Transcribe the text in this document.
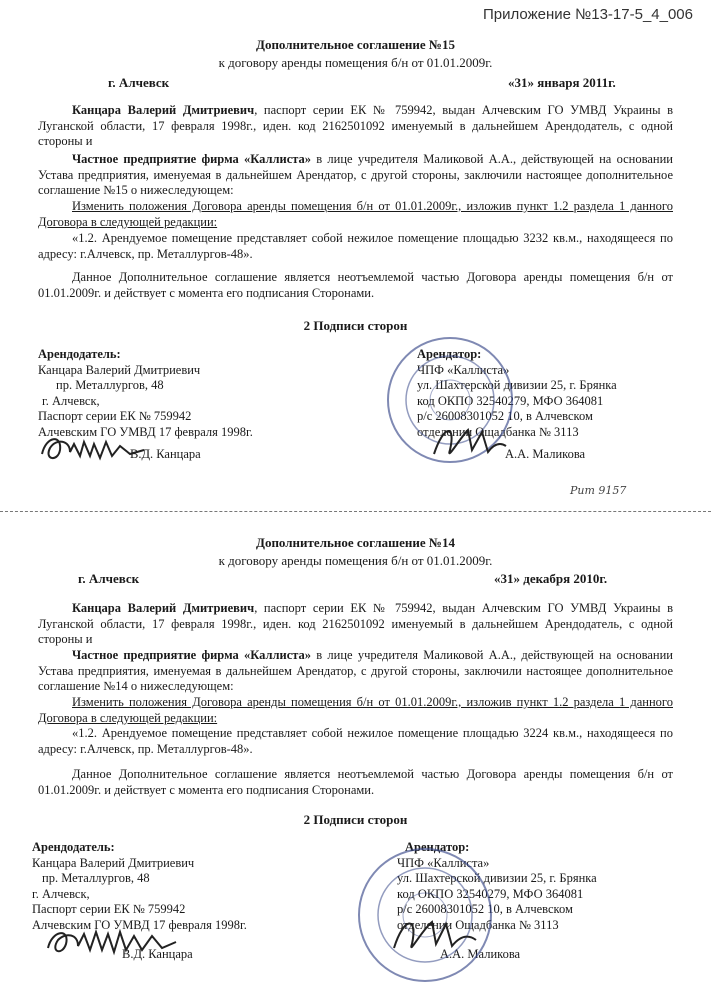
Приложение №13-17-5_4_006
Дополнительное соглашение №15
к договору аренды помещения б/н от 01.01.2009г.
г. Алчевск	«31» января 2011г.
Канцара Валерий Дмитриевич, паспорт серии ЕК № 759942, выдан Алчевским ГО УМВД Украины в Луганской области, 17 февраля 1998г., иден. код 2162501092 именуемый в дальнейшем Арендодатель, с одной стороны и
Частное предприятие фирма «Каллиста» в лице учредителя Маликовой А.А., действующей на основании Устава предприятия, именуемая в дальнейшем Арендатор, с другой стороны, заключили настоящее дополнительное соглашение №15 о нижеследующем:
Изменить положения Договора аренды помещения б/н от 01.01.2009г., изложив пункт 1.2 раздела 1 данного Договора в следующей редакции:
«1.2. Арендуемое помещение представляет собой нежилое помещение площадью 3232 кв.м., находящееся по адресу: г.Алчевск, пр. Металлургов-48».
Данное Дополнительное соглашение является неотъемлемой частью Договора аренды помещения б/н от 01.01.2009г. и действует с момента его подписания Сторонами.
2 Подписи сторон
Арендодатель:
Канцара Валерий Дмитриевич
пр. Металлургов, 48
г. Алчевск,
Паспорт серии ЕК № 759942
Алчевским ГО УМВД 17 февраля 1998г.
В.Д. Канцара
Арендатор:
ЧПФ «Каллиста»
ул. Шахтерской дивизии 25, г. Брянка
код ОКПО 32540279, МФО 364081
р/с 26008301052 10, в Алчевском
отделении Ощадбанка № 3113
А.А. Маликова
Рит 9157
Дополнительное соглашение №14
к договору аренды помещения б/н от 01.01.2009г.
г. Алчевск	«31» декабря 2010г.
Канцара Валерий Дмитриевич, паспорт серии ЕК № 759942, выдан Алчевским ГО УМВД Украины в Луганской области, 17 февраля 1998г., иден. код 2162501092 именуемый в дальнейшем Арендодатель, с одной стороны и
Частное предприятие фирма «Каллиста» в лице учредителя Маликовой А.А., действующей на основании Устава предприятия, именуемая в дальнейшем Арендатор, с другой стороны, заключили настоящее дополнительное соглашение №14 о нижеследующем:
Изменить положения Договора аренды помещения б/н от 01.01.2009г., изложив пункт 1.2 раздела 1 данного Договора в следующей редакции:
«1.2. Арендуемое помещение представляет собой нежилое помещение площадью 3224 кв.м., находящееся по адресу: г.Алчевск, пр. Металлургов-48».
Данное Дополнительное соглашение является неотъемлемой частью Договора аренды помещения б/н от 01.01.2009г. и действует с момента его подписания Сторонами.
2 Подписи сторон
Арендодатель:
Канцара Валерий Дмитриевич
пр. Металлургов, 48
г. Алчевск,
Паспорт серии ЕК № 759942
Алчевским ГО УМВД 17 февраля 1998г.
В.Д. Канцара
Арендатор:
ЧПФ «Каллиста»
ул. Шахтерской дивизии 25, г. Брянка
код ОКПО 32540279, МФО 364081
р/с 26008301052 10, в Алчевском
отделении Ощадбанка № 3113
А.А. Маликова
